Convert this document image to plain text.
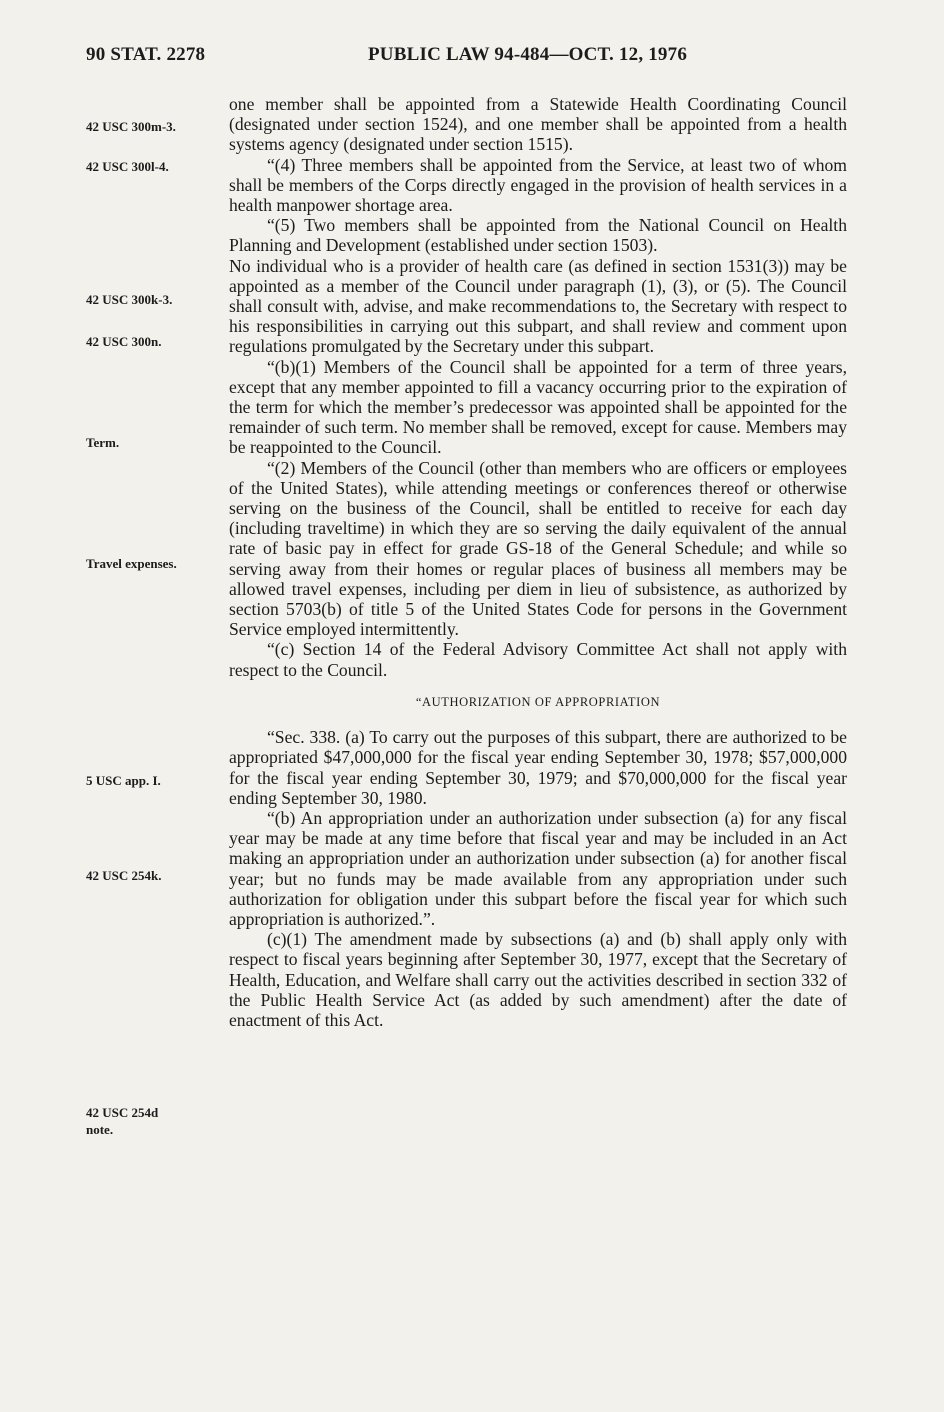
90 STAT. 2278	PUBLIC LAW 94-484—OCT. 12, 1976
42 USC 300m-3.
42 USC 300l-4.
42 USC 300k-3.
42 USC 300n.
Term.
Travel expenses.
5 USC app. I.
42 USC 254k.
42 USC 254d
note.

one member shall be appointed from a Statewide Health Coordinating Council (designated under section 1524), and one member shall be appointed from a health systems agency (designated under section 1515).

“(4) Three members shall be appointed from the Service, at least two of whom shall be members of the Corps directly engaged in the provision of health services in a health manpower shortage area.

“(5) Two members shall be appointed from the National Council on Health Planning and Development (established under section 1503).

No individual who is a provider of health care (as defined in section 1531(3)) may be appointed as a member of the Council under paragraph (1), (3), or (5). The Council shall consult with, advise, and make recommendations to, the Secretary with respect to his responsibilities in carrying out this subpart, and shall review and comment upon regulations promulgated by the Secretary under this subpart.

“(b)(1) Members of the Council shall be appointed for a term of three years, except that any member appointed to fill a vacancy occurring prior to the expiration of the term for which the member’s predecessor was appointed shall be appointed for the remainder of such term. No member shall be removed, except for cause. Members may be reappointed to the Council.

“(2) Members of the Council (other than members who are officers or employees of the United States), while attending meetings or conferences thereof or otherwise serving on the business of the Council, shall be entitled to receive for each day (including traveltime) in which they are so serving the daily equivalent of the annual rate of basic pay in effect for grade GS-18 of the General Schedule; and while so serving away from their homes or regular places of business all members may be allowed travel expenses, including per diem in lieu of subsistence, as authorized by section 5703(b) of title 5 of the United States Code for persons in the Government Service employed intermittently.

“(c) Section 14 of the Federal Advisory Committee Act shall not apply with respect to the Council.

“AUTHORIZATION OF APPROPRIATION

“Sec. 338. (a) To carry out the purposes of this subpart, there are authorized to be appropriated $47,000,000 for the fiscal year ending September 30, 1978; $57,000,000 for the fiscal year ending September 30, 1979; and $70,000,000 for the fiscal year ending September 30, 1980.

“(b) An appropriation under an authorization under subsection (a) for any fiscal year may be made at any time before that fiscal year and may be included in an Act making an appropriation under an authorization under subsection (a) for another fiscal year; but no funds may be made available from any appropriation under such authorization for obligation under this subpart before the fiscal year for which such appropriation is authorized.”.

(c)(1) The amendment made by subsections (a) and (b) shall apply only with respect to fiscal years beginning after September 30, 1977, except that the Secretary of Health, Education, and Welfare shall carry out the activities described in section 332 of the Public Health Service Act (as added by such amendment) after the date of enactment of this Act.
